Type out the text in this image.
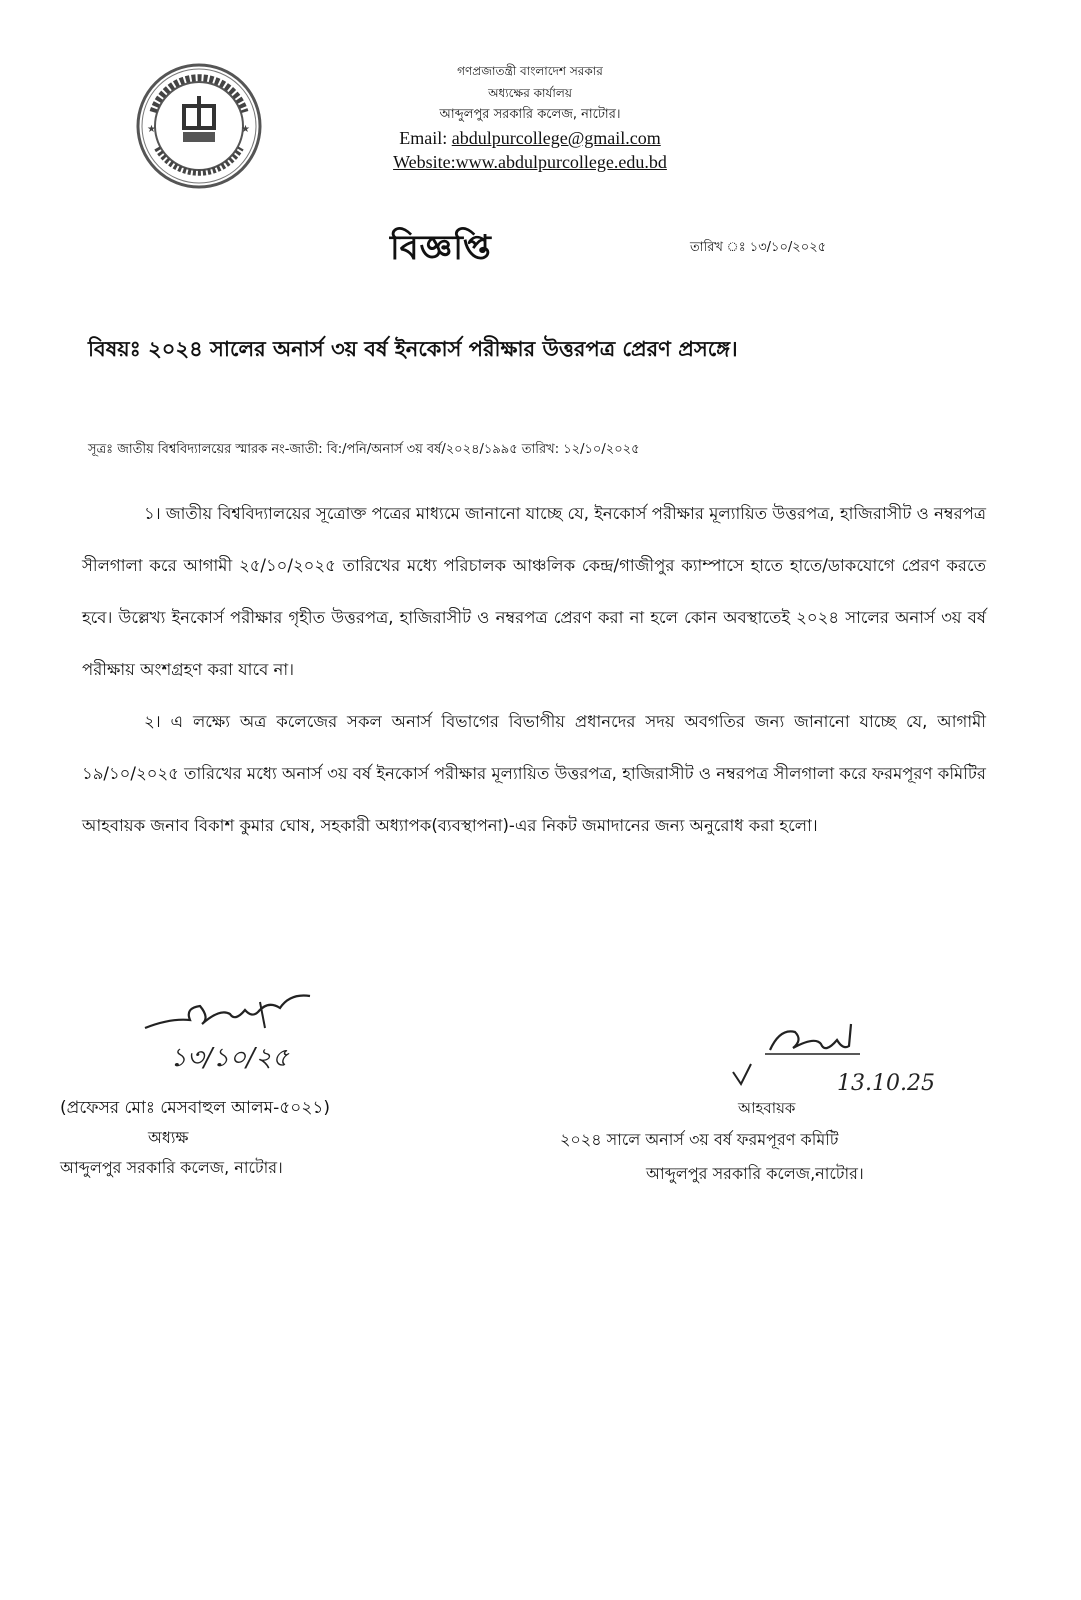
★	★
গণপ্রজাতন্ত্রী বাংলাদেশ সরকার
অধ্যক্ষের কার্যালয়
আব্দুলপুর সরকারি কলেজ, নাটোর।
Email: abdulpurcollege@gmail.com
Website:www.abdulpurcollege.edu.bd
বিজ্ঞপ্তি	তারিখ ঃ ১৩/১০/২০২৫
বিষয়ঃ ২০২৪ সালের অনার্স ৩য় বর্ষ ইনকোর্স পরীক্ষার উত্তরপত্র প্রেরণ প্রসঙ্গে।
সূত্রঃ জাতীয় বিশ্ববিদ্যালয়ের স্মারক নং-জাতী: বি:/পনি/অনার্স ৩য় বর্ষ/২০২৪/১৯৯৫ তারিখ: ১২/১০/২০২৫

১। জাতীয় বিশ্ববিদ্যালয়ের সূত্রোক্ত পত্রের মাধ্যমে জানানো যাচ্ছে যে, ইনকোর্স পরীক্ষার মূল্যায়িত উত্তরপত্র, হাজিরাসীট ও নম্বরপত্র সীলগালা করে আগামী ২৫/১০/২০২৫ তারিখের মধ্যে পরিচালক আঞ্চলিক কেন্দ্র/গাজীপুর ক্যাম্পাসে হাতে হাতে/ডাকযোগে প্রেরণ করতে হবে। উল্লেখ্য ইনকোর্স পরীক্ষার গৃহীত উত্তরপত্র, হাজিরাসীট ও নম্বরপত্র প্রেরণ করা না হলে কোন অবস্থাতেই ২০২৪ সালের অনার্স ৩য় বর্ষ পরীক্ষায় অংশগ্রহণ করা যাবে না।

২। এ লক্ষ্যে অত্র কলেজের সকল অনার্স বিভাগের বিভাগীয় প্রধানদের সদয় অবগতির জন্য জানানো যাচ্ছে যে, আগামী ১৯/১০/২০২৫ তারিখের মধ্যে অনার্স ৩য় বর্ষ ইনকোর্স পরীক্ষার মূল্যায়িত উত্তরপত্র, হাজিরাসীট ও নম্বরপত্র সীলগালা করে ফরমপূরণ কমিটির আহবায়ক জনাব বিকাশ কুমার ঘোষ, সহকারী অধ্যাপক(ব্যবস্থাপনা)-এর নিকট জমাদানের জন্য অনুরোধ করা হলো।

১৩/১০/২৫
(প্রফেসর মোঃ মেসবাহুল আলম-৫০২১)
অধ্যক্ষ
আব্দুলপুর সরকারি কলেজ, নাটোর।
13.10.25
আহবায়ক
২০২৪ সালে অনার্স ৩য় বর্ষ ফরমপূরণ কমিটি
আব্দুলপুর সরকারি কলেজ,নাটোর।
